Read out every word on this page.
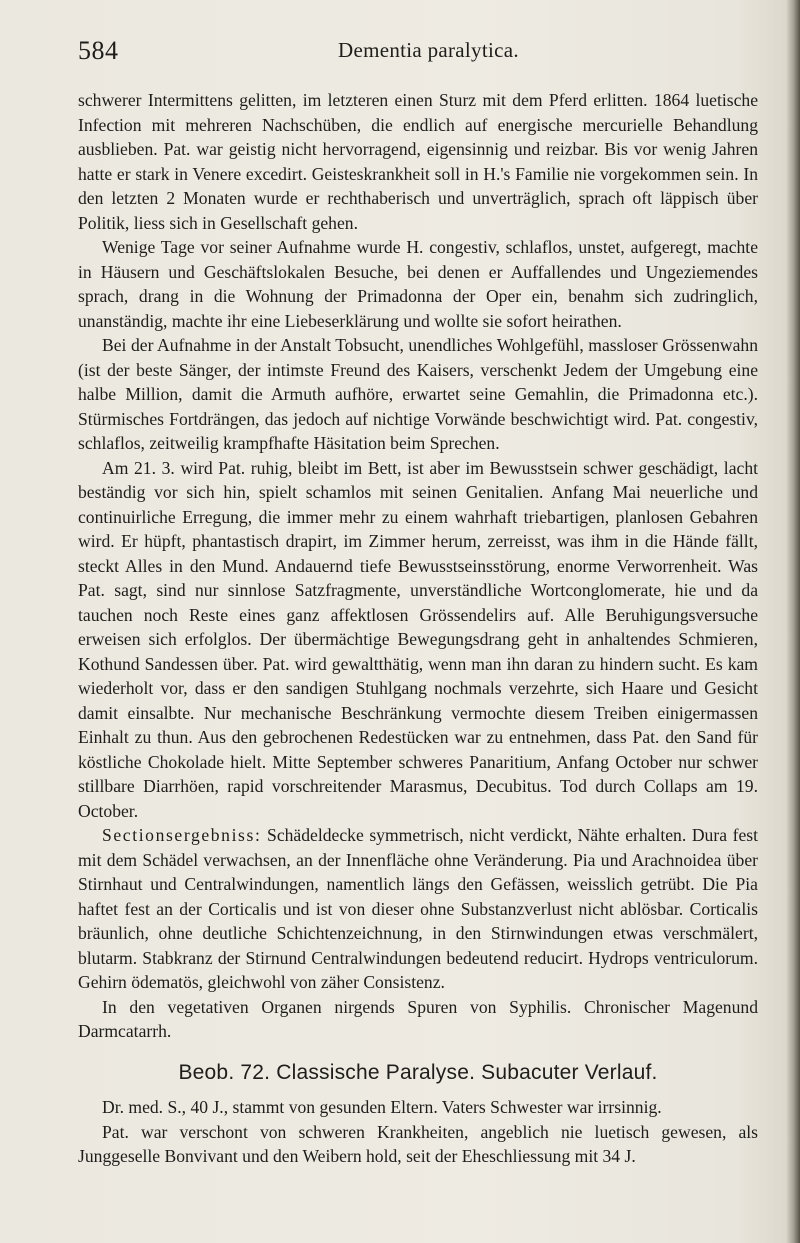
584	Dementia paralytica.

schwerer Intermittens gelitten, im letzteren einen Sturz mit dem Pferd erlitten. 1864 luetische Infection mit mehreren Nachschüben, die endlich auf energische mercurielle Behandlung ausblieben. Pat. war geistig nicht hervorragend, eigensinnig und reizbar. Bis vor wenig Jahren hatte er stark in Venere excedirt. Geisteskrankheit soll in H.'s Familie nie vorgekommen sein. In den letzten 2 Monaten wurde er rechthaberisch und unverträglich, sprach oft läppisch über Politik, liess sich in Gesellschaft gehen.

Wenige Tage vor seiner Aufnahme wurde H. congestiv, schlaflos, unstet, aufgeregt, machte in Häusern und Geschäftslokalen Besuche, bei denen er Auffallendes und Ungeziemendes sprach, drang in die Wohnung der Primadonna der Oper ein, benahm sich zudringlich, unanständig, machte ihr eine Liebeserklärung und wollte sie sofort heirathen.

Bei der Aufnahme in der Anstalt Tobsucht, unendliches Wohlgefühl, massloser Grössenwahn (ist der beste Sänger, der intimste Freund des Kaisers, verschenkt Jedem der Umgebung eine halbe Million, damit die Armuth aufhöre, erwartet seine Gemahlin, die Primadonna etc.). Stürmisches Fortdrängen, das jedoch auf nichtige Vorwände beschwichtigt wird. Pat. congestiv, schlaflos, zeitweilig krampfhafte Häsitation beim Sprechen.

Am 21. 3. wird Pat. ruhig, bleibt im Bett, ist aber im Bewusstsein schwer geschädigt, lacht beständig vor sich hin, spielt schamlos mit seinen Genitalien. Anfang Mai neuerliche und continuirliche Erregung, die immer mehr zu einem wahrhaft triebartigen, planlosen Gebahren wird. Er hüpft, phantastisch drapirt, im Zimmer herum, zerreisst, was ihm in die Hände fällt, steckt Alles in den Mund. Andauernd tiefe Bewusstseinsstörung, enorme Verworrenheit. Was Pat. sagt, sind nur sinnlose Satzfragmente, unverständliche Wortconglomerate, hie und da tauchen noch Reste eines ganz affektlosen Grössendelirs auf. Alle Beruhigungsversuche erweisen sich erfolglos. Der übermächtige Bewegungsdrang geht in anhaltendes Schmieren, Kothund Sandessen über. Pat. wird gewaltthätig, wenn man ihn daran zu hindern sucht. Es kam wiederholt vor, dass er den sandigen Stuhlgang nochmals verzehrte, sich Haare und Gesicht damit einsalbte. Nur mechanische Beschränkung vermochte diesem Treiben einigermassen Einhalt zu thun. Aus den gebrochenen Redestücken war zu entnehmen, dass Pat. den Sand für köstliche Chokolade hielt. Mitte September schweres Panaritium, Anfang October nur schwer stillbare Diarrhöen, rapid vorschreitender Marasmus, Decubitus. Tod durch Collaps am 19. October.

Sectionsergebniss: Schädeldecke symmetrisch, nicht verdickt, Nähte erhalten. Dura fest mit dem Schädel verwachsen, an der Innenfläche ohne Veränderung. Pia und Arachnoidea über Stirnhaut und Centralwindungen, namentlich längs den Gefässen, weisslich getrübt. Die Pia haftet fest an der Corticalis und ist von dieser ohne Substanzverlust nicht ablösbar. Corticalis bräunlich, ohne deutliche Schichtenzeichnung, in den Stirnwindungen etwas verschmälert, blutarm. Stabkranz der Stirnund Centralwindungen bedeutend reducirt. Hydrops ventriculorum. Gehirn ödematös, gleichwohl von zäher Consistenz.

In den vegetativen Organen nirgends Spuren von Syphilis. Chronischer Magenund Darmcatarrh.

Beob. 72. Classische Paralyse. Subacuter Verlauf.

Dr. med. S., 40 J., stammt von gesunden Eltern. Vaters Schwester war irrsinnig.

Pat. war verschont von schweren Krankheiten, angeblich nie luetisch gewesen, als Junggeselle Bonvivant und den Weibern hold, seit der Eheschliessung mit 34 J.
